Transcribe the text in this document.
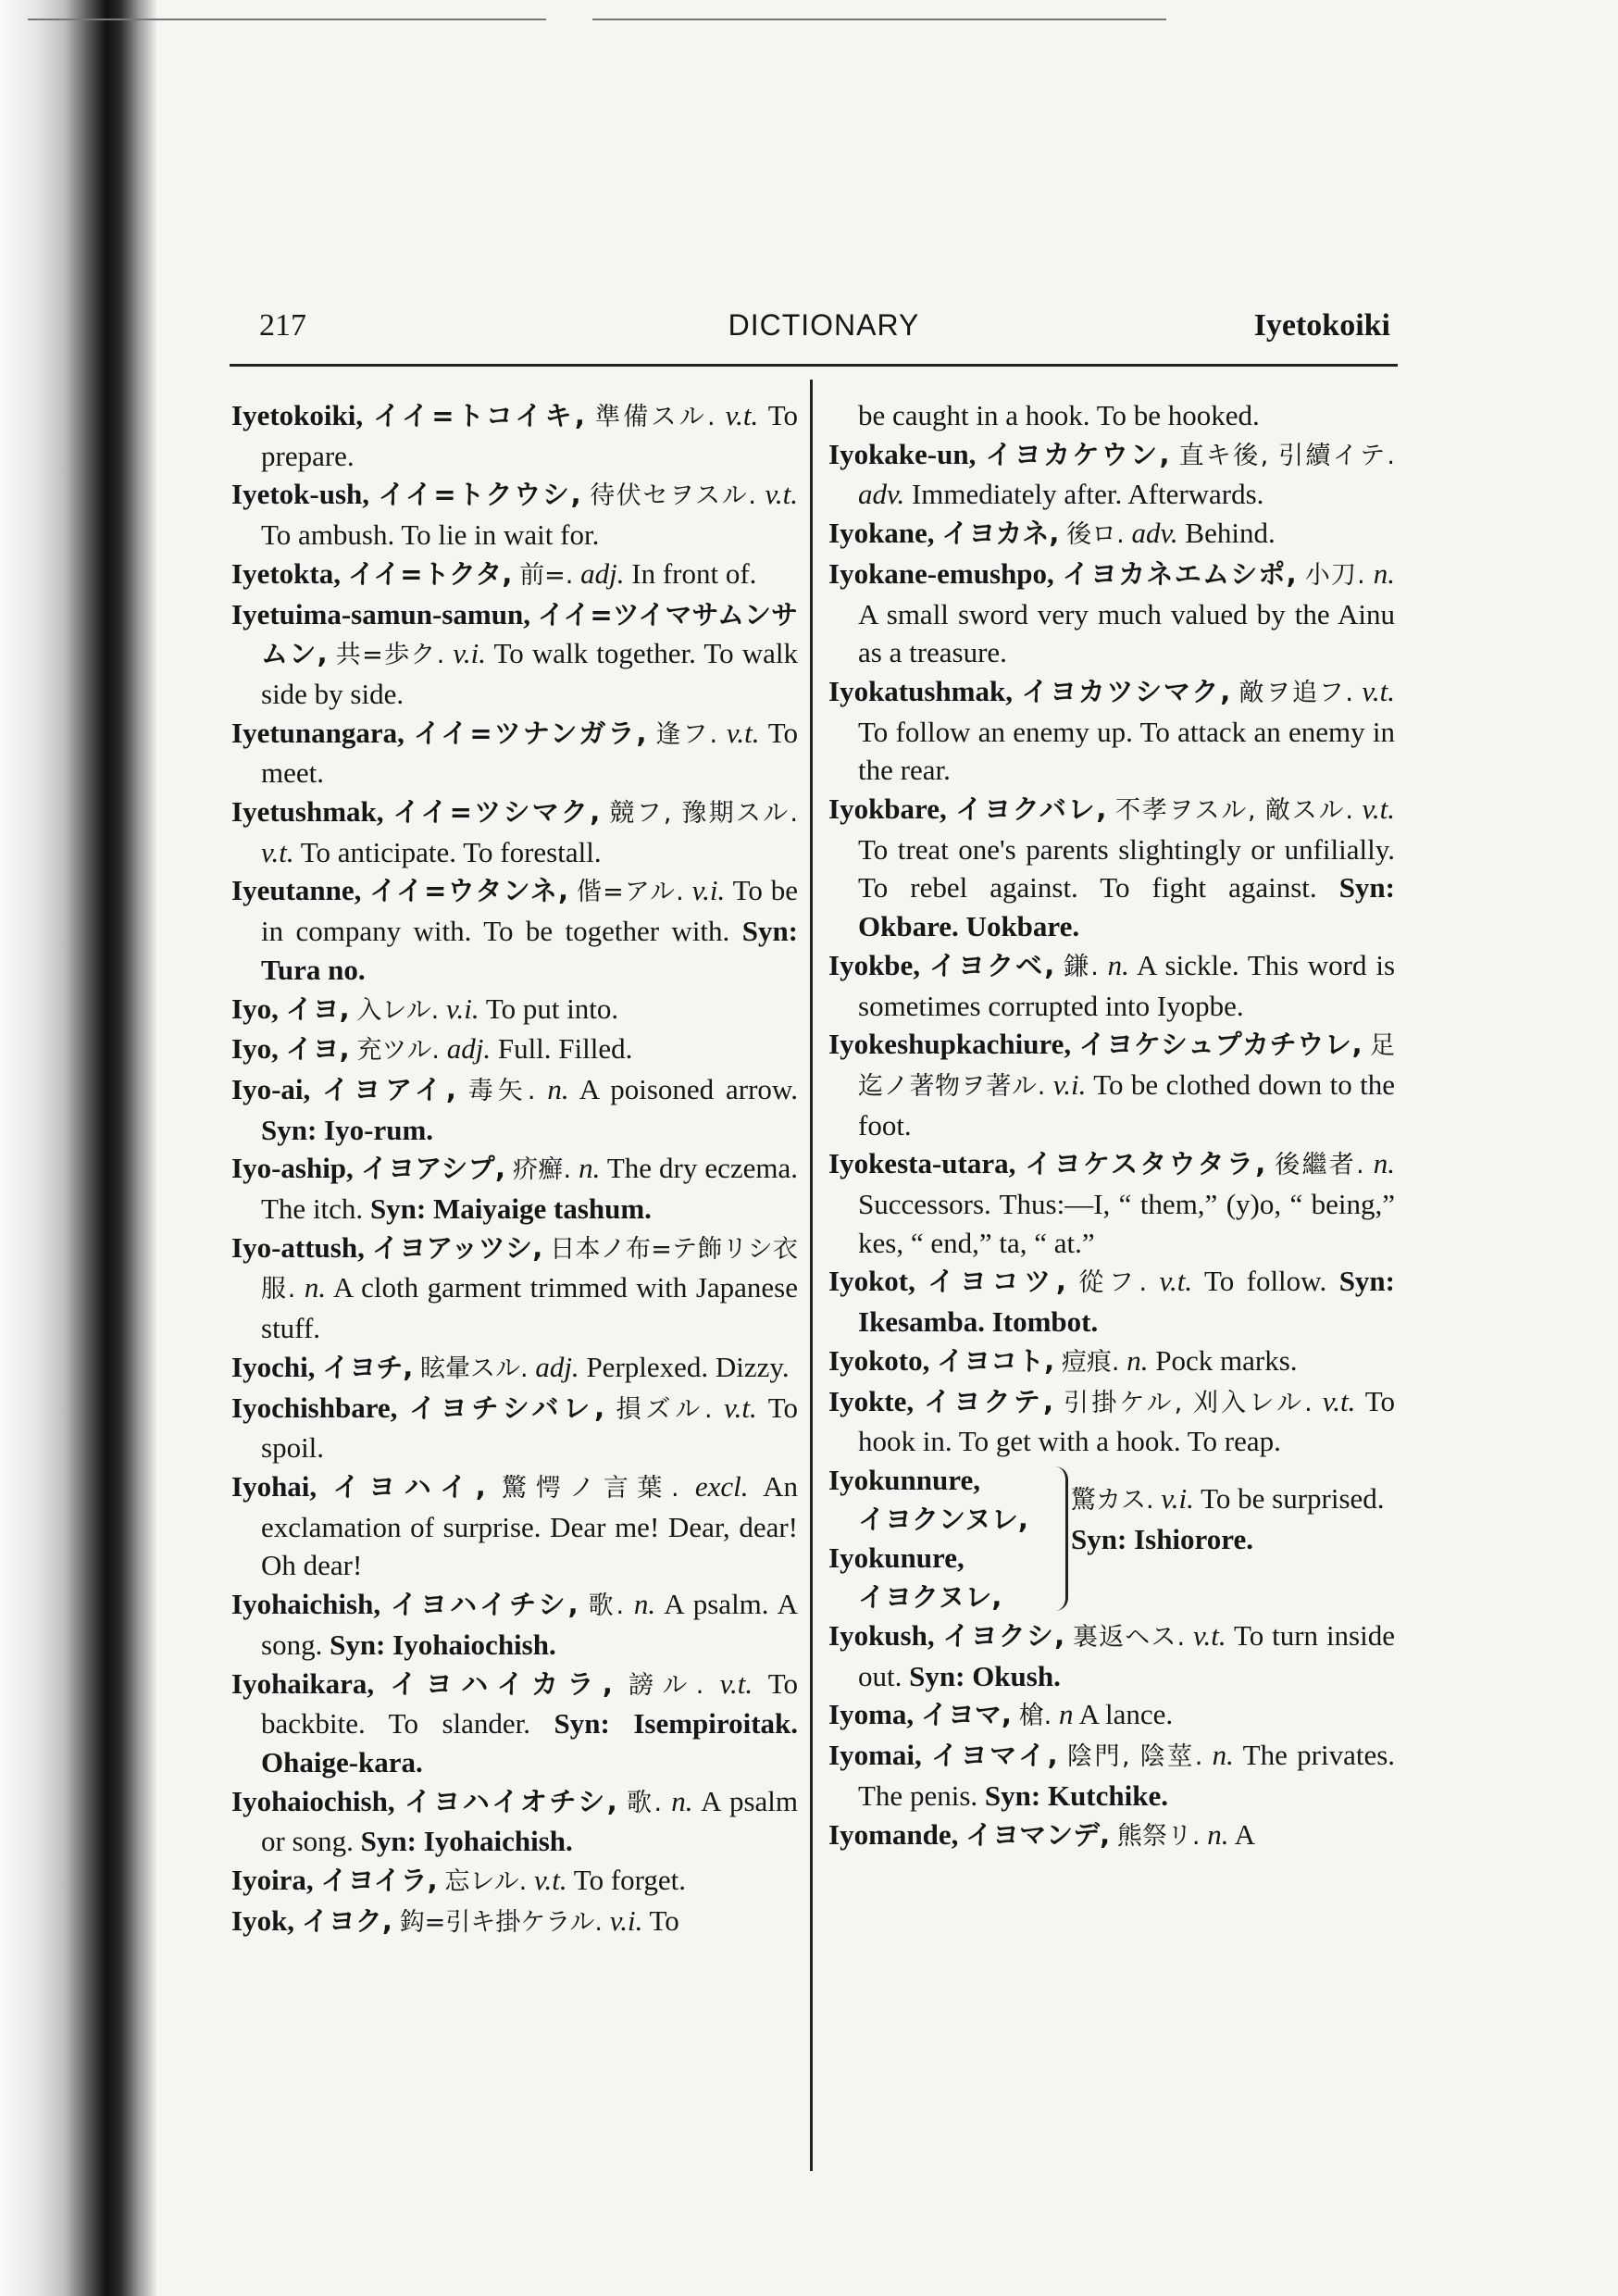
217	DICTIONARY	Iyetokoiki
Iyetokoiki, イイ=トコイキ, 準備スル. v.t. To prepare.
Iyetok-ush, イイ=トクウシ, 待伏セヲスル. v.t. To ambush. To lie in wait for.
Iyetokta, イイ=トクタ, 前=. adj. In front of.
Iyetuima-samun-samun, イイ=ツイマサムンサムン, 共=歩ク. v.i. To walk together. To walk side by side.
Iyetunangara, イイ=ツナンガラ, 逢フ. v.t. To meet.
Iyetushmak, イイ=ツシマク, 競フ, 豫期スル. v.t. To anticipate. To forestall.
Iyeutanne, イイ=ウタンネ, 偕=アル. v.i. To be in company with. To be together with. Syn: Tura no.
Iyo, イヨ, 入レル. v.i. To put into.
Iyo, イヨ, 充ツル. adj. Full. Filled.
Iyo-ai, イヨアイ, 毒矢. n. A poisoned arrow. Syn: Iyo-rum.
Iyo-aship, イヨアシプ, 疥癬. n. The dry eczema. The itch. Syn: Maiyaige tashum.
Iyo-attush, イヨアッツシ, 日本ノ布=テ飾リシ衣服. n. A cloth garment trimmed with Japanese stuff.
Iyochi, イヨチ, 眩暈スル. adj. Perplexed. Dizzy.
Iyochishbare, イヨチシバレ, 損ズル. v.t. To spoil.
Iyohai, イヨハイ, 驚愕ノ言葉. excl. An exclamation of surprise. Dear me! Dear, dear! Oh dear!
Iyohaichish, イヨハイチシ, 歌. n. A psalm. A song. Syn: Iyohaiochish.
Iyohaikara, イヨハイカラ, 謗ル. v.t. To backbite. To slander. Syn: Isempiroitak. Ohaige-kara.
Iyohaiochish, イヨハイオチシ, 歌. n. A psalm or song. Syn: Iyohaichish.
Iyoira, イヨイラ, 忘レル. v.t. To forget.
Iyok, イヨク, 鈎=引キ掛ケラル. v.i. To
be caught in a hook. To be hooked.
Iyokake-un, イヨカケウン, 直キ後, 引續イテ. adv. Immediately after. Afterwards.
Iyokane, イヨカネ, 後ロ. adv. Behind.
Iyokane-emushpo, イヨカネエムシポ, 小刀. n. A small sword very much valued by the Ainu as a treasure.
Iyokatushmak, イヨカツシマク, 敵ヲ追フ. v.t. To follow an enemy up. To attack an enemy in the rear.
Iyokbare, イヨクバレ, 不孝ヲスル, 敵スル. v.t. To treat one's parents slightingly or unfilially. To rebel against. To fight against. Syn: Okbare. Uokbare.
Iyokbe, イヨクベ, 鎌. n. A sickle. This word is sometimes corrupted into Iyopbe.
Iyokeshupkachiure, イヨケシュプカチウレ, 足迄ノ著物ヲ著ル. v.i. To be clothed down to the foot.
Iyokesta-utara, イヨケスタウタラ, 後繼者. n. Successors. Thus:—I, “ them,” (y)o, “ being,” kes, “ end,” ta, “ at.”
Iyokot, イヨコツ, 從フ. v.t. To follow. Syn: Ikesamba. Itombot.
Iyokoto, イヨコト, 痘痕. n. Pock marks.
Iyokte, イヨクテ, 引掛ケル, 刈入レル. v.t. To hook in. To get with a hook. To reap.
Iyokunnure,
イヨクンヌレ,
Iyokunure,
イヨクヌレ,
驚カス. v.i. To be surprised. Syn: Ishiorore.
Iyokush, イヨクシ, 裏返ヘス. v.t. To turn inside out. Syn: Okush.
Iyoma, イヨマ, 槍. n A lance.
Iyomai, イヨマイ, 陰門, 陰莖. n. The privates. The penis. Syn: Kutchike.
Iyomande, イヨマンデ, 熊祭リ. n. A
